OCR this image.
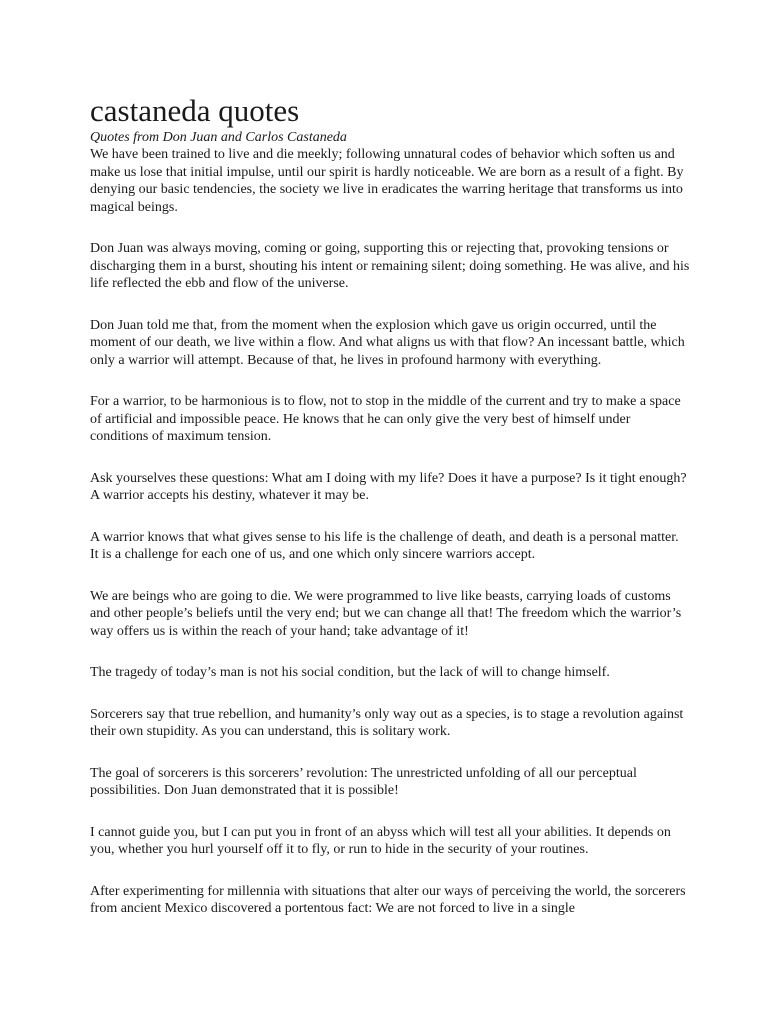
castaneda quotes

Quotes from Don Juan and Carlos Castaneda

We have been trained to live and die meekly; following unnatural codes of behavior which soften us and make us lose that initial impulse, until our spirit is hardly noticeable. We are born as a result of a fight. By denying our basic tendencies, the society we live in eradicates the warring heritage that transforms us into magical beings.

Don Juan was always moving, coming or going, supporting this or rejecting that, provoking tensions or discharging them in a burst, shouting his intent or remaining silent; doing something. He was alive, and his life reflected the ebb and flow of the universe.

Don Juan told me that, from the moment when the explosion which gave us origin occurred, until the moment of our death, we live within a flow. And what aligns us with that flow? An incessant battle, which only a warrior will attempt. Because of that, he lives in profound harmony with everything.

For a warrior, to be harmonious is to flow, not to stop in the middle of the current and try to make a space of artificial and impossible peace. He knows that he can only give the very best of himself under conditions of maximum tension.

Ask yourselves these questions: What am I doing with my life? Does it have a purpose? Is it tight enough? A warrior accepts his destiny, whatever it may be.

A warrior knows that what gives sense to his life is the challenge of death, and death is a personal matter. It is a challenge for each one of us, and one which only sincere warriors accept.

We are beings who are going to die. We were programmed to live like beasts, carrying loads of customs and other people’s beliefs until the very end; but we can change all that! The freedom which the warrior’s way offers us is within the reach of your hand; take advantage of it!

The tragedy of today’s man is not his social condition, but the lack of will to change himself.

Sorcerers say that true rebellion, and humanity’s only way out as a species, is to stage a revolution against their own stupidity. As you can understand, this is solitary work.

The goal of sorcerers is this sorcerers’ revolution: The unrestricted unfolding of all our perceptual possibilities. Don Juan demonstrated that it is possible!

I cannot guide you, but I can put you in front of an abyss which will test all your abilities. It depends on you, whether you hurl yourself off it to fly, or run to hide in the security of your routines.

After experimenting for millennia with situations that alter our ways of perceiving the world, the sorcerers from ancient Mexico discovered a portentous fact: We are not forced to live in a single
